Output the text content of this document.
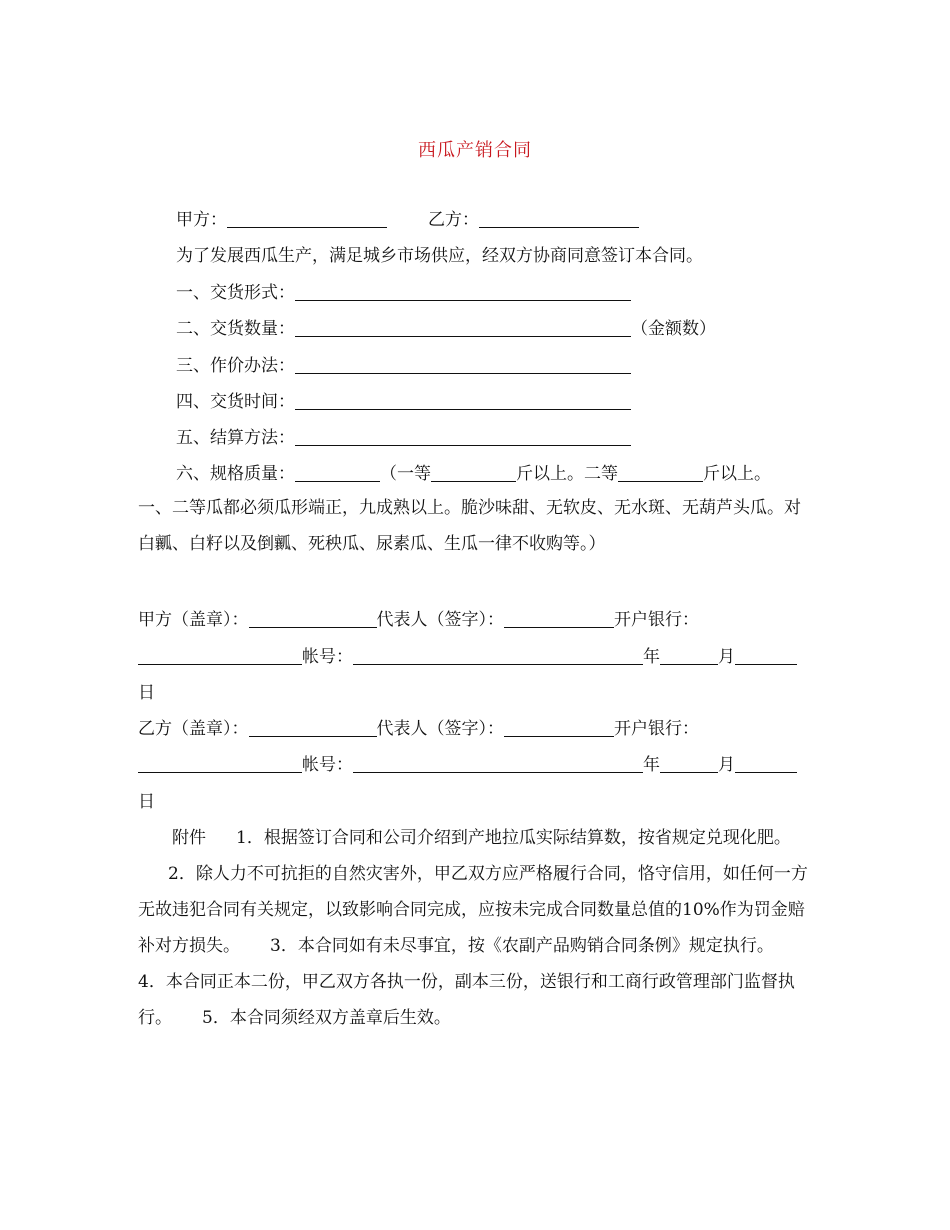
西瓜产销合同
甲方：	乙方：
为了发展西瓜生产，满足城乡市场供应，经双方协商同意签订本合同。
一、交货形式：
二、交货数量：	（金额数）
三、作价办法：
四、交货时间：
五、结算方法：
六、规格质量：	（一等	斤以上。二等	斤以上。
一、二等瓜都必须瓜形端正，九成熟以上。脆沙味甜、无软皮、无水斑、无葫芦头瓜。对白瓤、白籽以及倒瓤、死秧瓜、尿素瓜、生瓜一律不收购等。）
甲方（盖章）：	代表人（签字）：	开户银行：
帐号：	年	月
日
乙方（盖章）：	代表人（签字）：	开户银行：
帐号：	年	月
日
附件 1．根据签订合同和公司介绍到产地拉瓜实际结算数，按省规定兑现化肥。2．除人力不可抗拒的自然灾害外，甲乙双方应严格履行合同，恪守信用，如任何一方无故违犯合同有关规定，以致影响合同完成，应按未完成合同数量总值的10%作为罚金赔补对方损失。 3．本合同如有未尽事宜，按《农副产品购销合同条例》规定执行。4．本合同正本二份，甲乙双方各执一份，副本三份，送银行和工商行政管理部门监督执行。 5．本合同须经双方盖章后生效。
